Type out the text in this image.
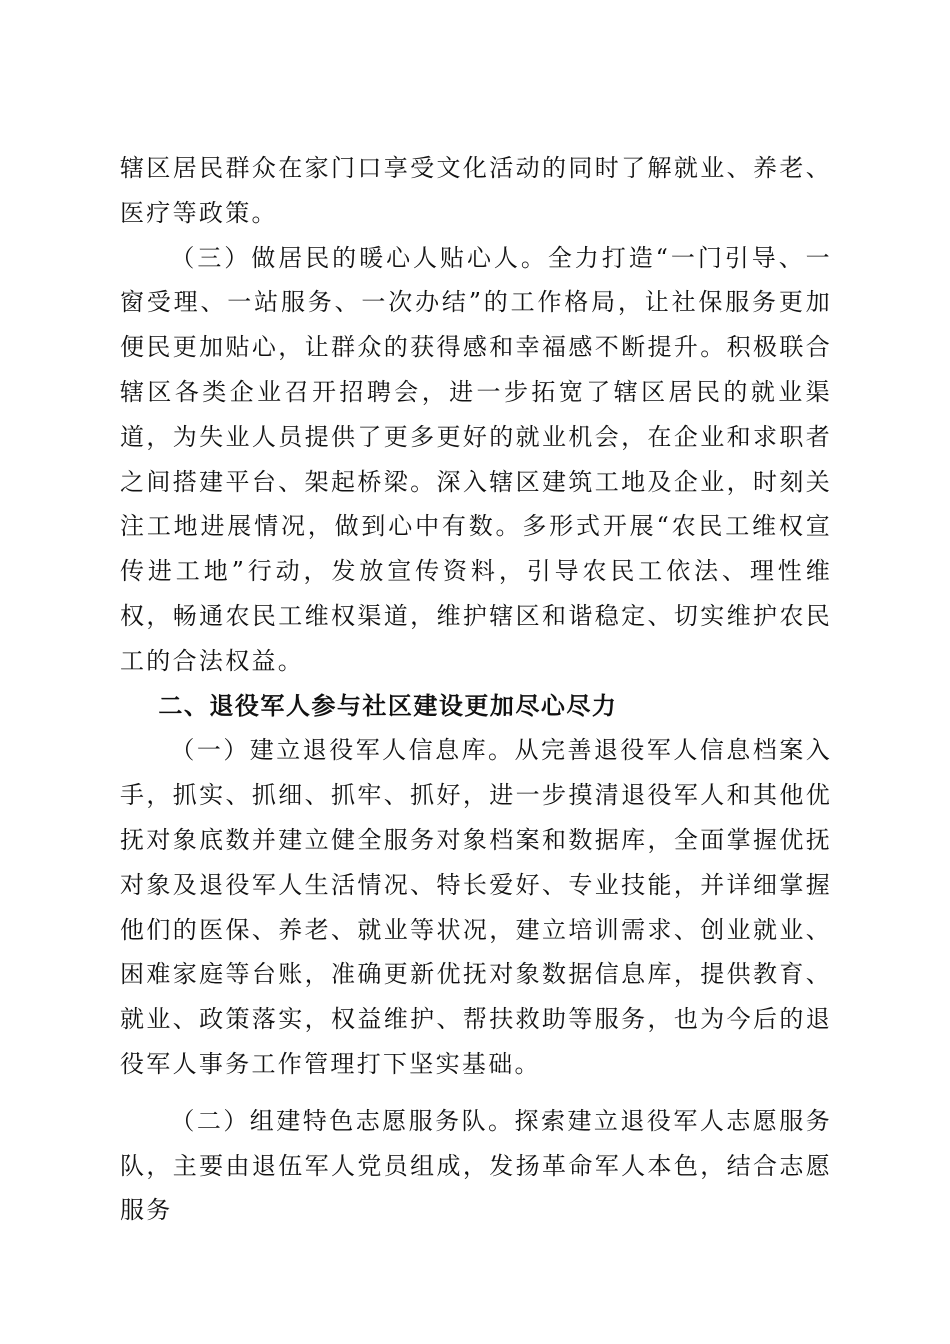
辖区居民群众在家门口享受文化活动的同时了解就业、养老、医疗等政策。

（三）做居民的暖心人贴心人。全力打造“一门引导、一窗受理、一站服务、一次办结”的工作格局，让社保服务更加便民更加贴心，让群众的获得感和幸福感不断提升。积极联合辖区各类企业召开招聘会，进一步拓宽了辖区居民的就业渠道，为失业人员提供了更多更好的就业机会，在企业和求职者之间搭建平台、架起桥梁。深入辖区建筑工地及企业，时刻关注工地进展情况，做到心中有数。多形式开展“农民工维权宣传进工地”行动，发放宣传资料，引导农民工依法、理性维权，畅通农民工维权渠道，维护辖区和谐稳定、切实维护农民工的合法权益。

二、退役军人参与社区建设更加尽心尽力

（一）建立退役军人信息库。从完善退役军人信息档案入手，抓实、抓细、抓牢、抓好，进一步摸清退役军人和其他优抚对象底数并建立健全服务对象档案和数据库，全面掌握优抚对象及退役军人生活情况、特长爱好、专业技能，并详细掌握他们的医保、养老、就业等状况，建立培训需求、创业就业、困难家庭等台账，准确更新优抚对象数据信息库，提供教育、就业、政策落实，权益维护、帮扶救助等服务，也为今后的退役军人事务工作管理打下坚实基础。

（二）组建特色志愿服务队。探索建立退役军人志愿服务队，主要由退伍军人党员组成，发扬革命军人本色，结合志愿服务
